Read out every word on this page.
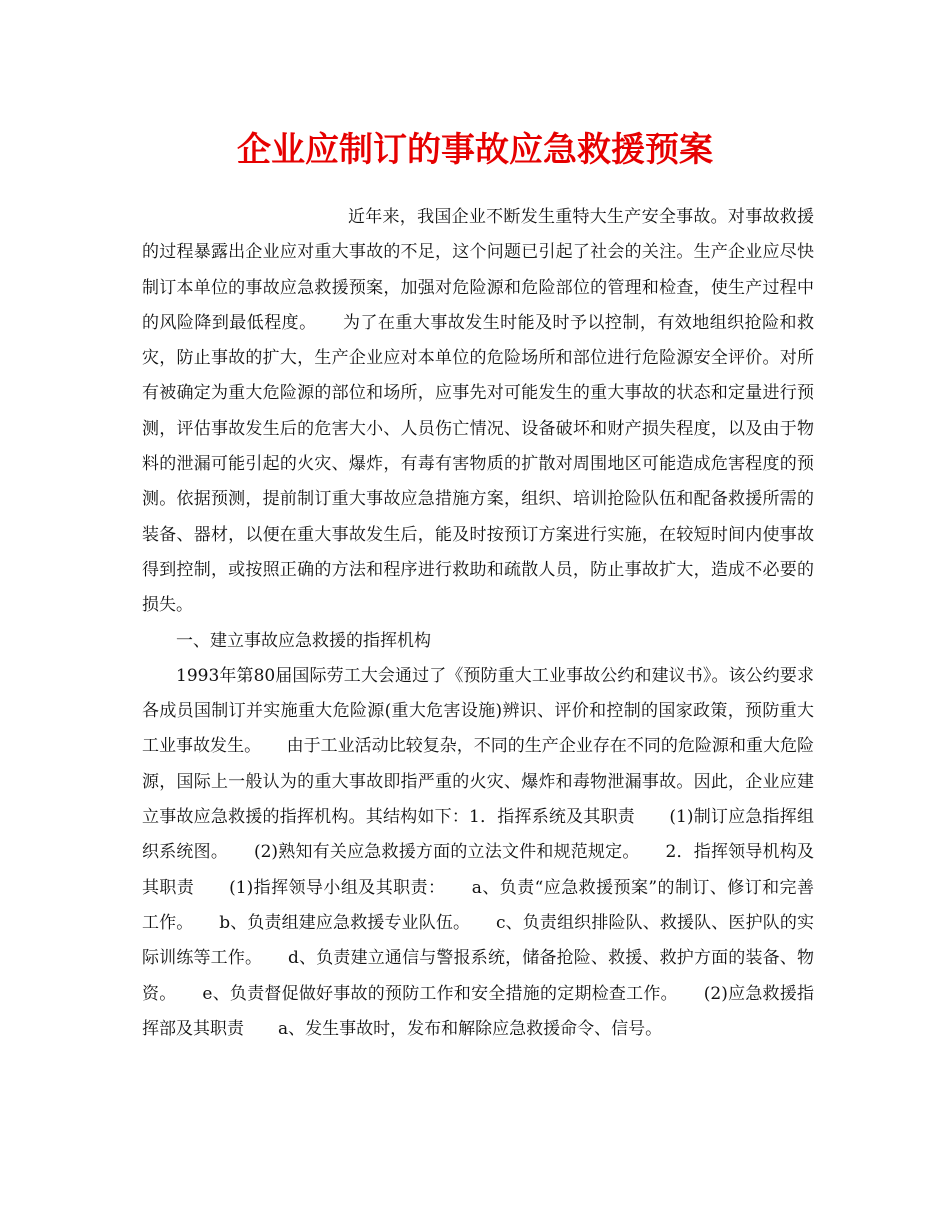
企业应制订的事故应急救援预案

近年来，我国企业不断发生重特大生产安全事故。对事故救援的过程暴露出企业应对重大事故的不足，这个问题已引起了社会的关注。生产企业应尽快制订本单位的事故应急救援预案，加强对危险源和危险部位的管理和检查，使生产过程中的风险降到最低程度。　　为了在重大事故发生时能及时予以控制，有效地组织抢险和救灾，防止事故的扩大，生产企业应对本单位的危险场所和部位进行危险源安全评价。对所有被确定为重大危险源的部位和场所，应事先对可能发生的重大事故的状态和定量进行预测，评估事故发生后的危害大小、人员伤亡情况、设备破坏和财产损失程度，以及由于物料的泄漏可能引起的火灾、爆炸，有毒有害物质的扩散对周围地区可能造成危害程度的预测。依据预测，提前制订重大事故应急措施方案，组织、培训抢险队伍和配备救援所需的装备、器材，以便在重大事故发生后，能及时按预订方案进行实施，在较短时间内使事故得到控制，或按照正确的方法和程序进行救助和疏散人员，防止事故扩大，造成不必要的损失。

一、建立事故应急救援的指挥机构

1993年第80届国际劳工大会通过了《预防重大工业事故公约和建议书》。该公约要求各成员国制订并实施重大危险源(重大危害设施)辨识、评价和控制的国家政策，预防重大工业事故发生。　　由于工业活动比较复杂，不同的生产企业存在不同的危险源和重大危险源，国际上一般认为的重大事故即指严重的火灾、爆炸和毒物泄漏事故。因此，企业应建立事故应急救援的指挥机构。其结构如下：1．指挥系统及其职责　　(1)制订应急指挥组织系统图。　　(2)熟知有关应急救援方面的立法文件和规范规定。　　2．指挥领导机构及其职责　　(1)指挥领导小组及其职责：　　a、负责“应急救援预案”的制订、修订和完善工作。　　b、负责组建应急救援专业队伍。　　c、负责组织排险队、救援队、医护队的实际训练等工作。　　d、负责建立通信与警报系统，储备抢险、救援、救护方面的装备、物资。　　e、负责督促做好事故的预防工作和安全措施的定期检查工作。　　(2)应急救援指挥部及其职责　　a、发生事故时，发布和解除应急救援命令、信号。
